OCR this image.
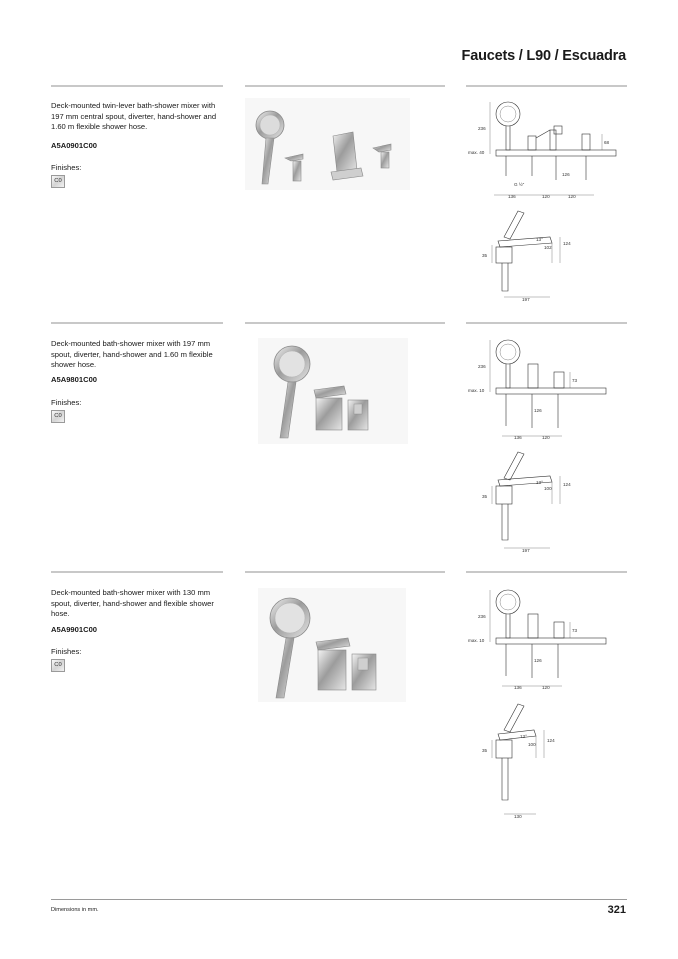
Faucets / L90 / Escuadra
Deck-mounted twin-lever bath-shower mixer with 197 mm central spout, diverter, hand-shower and 1.60 m flexible shower hose.
A5A0901C00
Finishes:
C0
236
68
max. 40
G ½"
136	120	120
126
13°
124
102
35
197
Deck-mounted bath-shower mixer with 197 mm spout, diverter, hand-shower and 1.60 m flexible shower hose.
A5A9801C00
Finishes:
C0
236
73
max. 10
136	120
126
13°	124
100
35
197
Deck-mounted bath-shower mixer with 130 mm spout, diverter, hand-shower and flexible shower hose.
A5A9901C00
Finishes:
C0
236
73
max. 10
136	120
126
13°
124
100
35
130
Dimensions in mm.	321
